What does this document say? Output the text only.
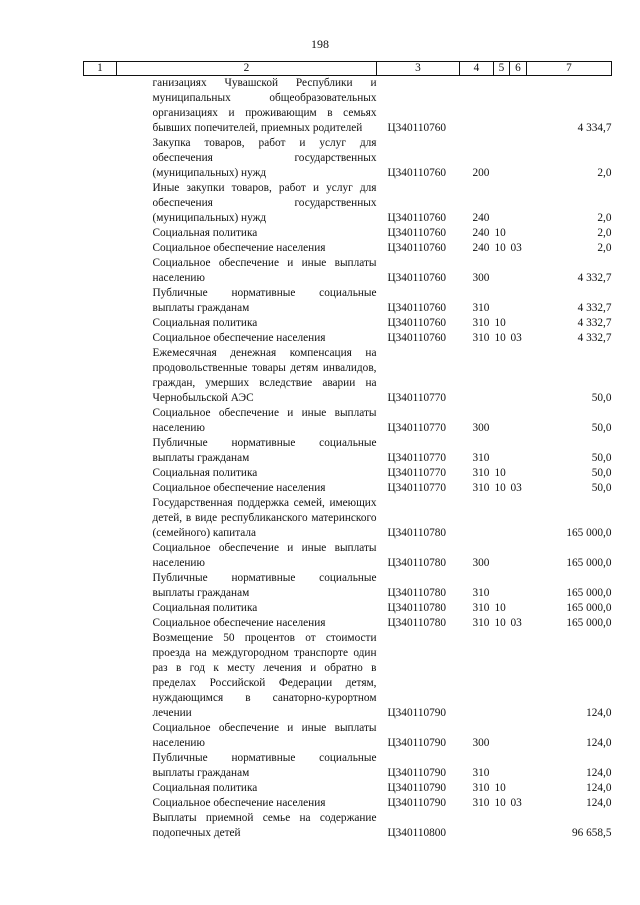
198
1	2	3	4	5	6	7
	ганизациях Чувашской Республики и муниципальных общеобразовательных организациях и проживающим в семьях бывших попечителей, приемных родителей	Ц340110760				4 334,7
	Закупка товаров, работ и услуг для обеспечения государственных (муниципальных) нужд	Ц340110760	200			2,0
	Иные закупки товаров, работ и услуг для обеспечения государственных (муниципальных) нужд	Ц340110760	240			2,0
	Социальная политика	Ц340110760	240	10		2,0
	Социальное обеспечение населения	Ц340110760	240	10	03	2,0
	Социальное обеспечение и иные выплаты населению	Ц340110760	300			4 332,7
	Публичные нормативные социальные выплаты гражданам	Ц340110760	310			4 332,7
	Социальная политика	Ц340110760	310	10		4 332,7
	Социальное обеспечение населения	Ц340110760	310	10	03	4 332,7
	Ежемесячная денежная компенсация на продовольственные товары детям инвалидов, граждан, умерших вследствие аварии на Чернобыльской АЭС	Ц340110770				50,0
	Социальное обеспечение и иные выплаты населению	Ц340110770	300			50,0
	Публичные нормативные социальные выплаты гражданам	Ц340110770	310			50,0
	Социальная политика	Ц340110770	310	10		50,0
	Социальное обеспечение населения	Ц340110770	310	10	03	50,0
	Государственная поддержка семей, имеющих детей, в виде республиканского материнского (семейного) капитала	Ц340110780				165 000,0
	Социальное обеспечение и иные выплаты населению	Ц340110780	300			165 000,0
	Публичные нормативные социальные выплаты гражданам	Ц340110780	310			165 000,0
	Социальная политика	Ц340110780	310	10		165 000,0
	Социальное обеспечение населения	Ц340110780	310	10	03	165 000,0
	Возмещение 50 процентов от стоимости проезда на междугородном транспорте один раз в год к месту лечения и обратно в пределах Российской Федерации детям, нуждающимся в санаторно-курортном лечении	Ц340110790				124,0
	Социальное обеспечение и иные выплаты населению	Ц340110790	300			124,0
	Публичные нормативные социальные выплаты гражданам	Ц340110790	310			124,0
	Социальная политика	Ц340110790	310	10		124,0
	Социальное обеспечение населения	Ц340110790	310	10	03	124,0
	Выплаты приемной семье на содержание подопечных детей	Ц340110800				96 658,5
